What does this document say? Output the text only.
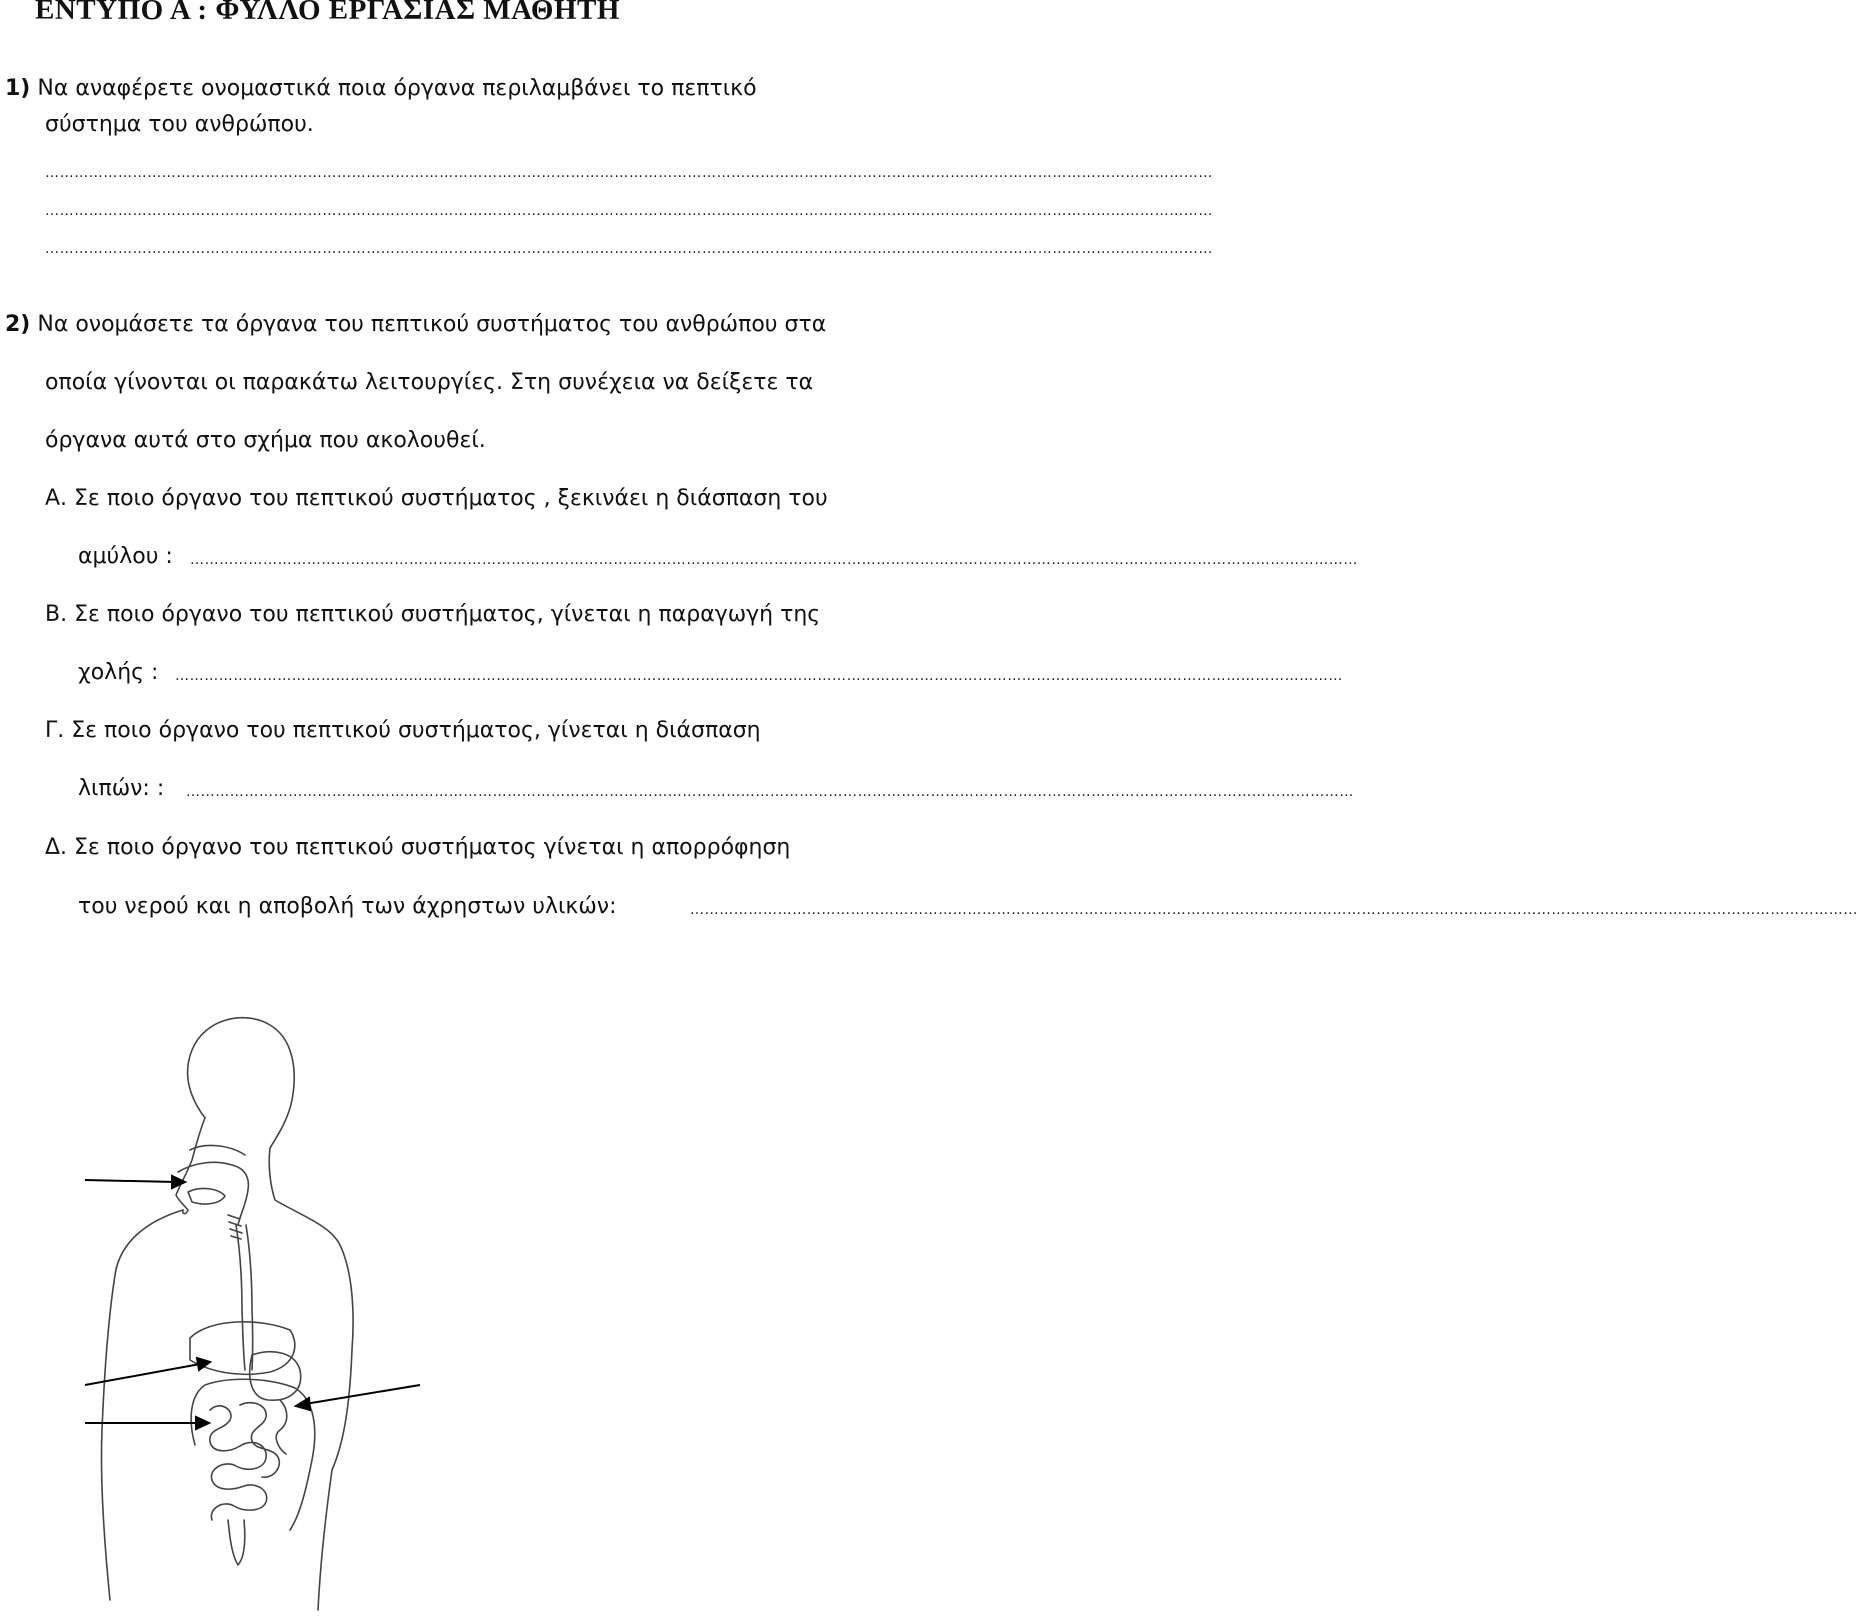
ΕΝΤΥΠΟ Α : ΦΥΛΛΟ ΕΡΓΑΣΙΑΣ ΜΑΘΗΤΗ
1) Να αναφέρετε ονομαστικά ποια όργανα περιλαμβάνει το πεπτικό
σύστημα του ανθρώπου.
……………………………………………………………………………………………………………………………………………………………………………………………………………………
……………………………………………………………………………………………………………………………………………………………………………………………………………………
……………………………………………………………………………………………………………………………………………………………………………………………………………………
2) Να ονομάσετε τα όργανα του πεπτικού συστήματος του ανθρώπου στα
οποία γίνονται οι παρακάτω λειτουργίες. Στη συνέχεια να δείξετε τα
όργανα αυτά στο σχήμα που ακολουθεί.
Α. Σε ποιο όργανο του πεπτικού συστήματος , ξεκινάει η διάσπαση του
αμύλου : ……………………………………………………………………………………………………………………………………………………………………………………………………………………
Β. Σε ποιο όργανο του πεπτικού συστήματος, γίνεται η παραγωγή της
χολής : ……………………………………………………………………………………………………………………………………………………………………………………………………………………
Γ. Σε ποιο όργανο του πεπτικού συστήματος, γίνεται η διάσπαση
λιπών: : ……………………………………………………………………………………………………………………………………………………………………………………………………………………
Δ. Σε ποιο όργανο του πεπτικού συστήματος γίνεται η απορρόφηση
του νερού και η αποβολή των άχρηστων υλικών:	……………………………………………………………………………………………………………………………………………………………………………………………………………………
